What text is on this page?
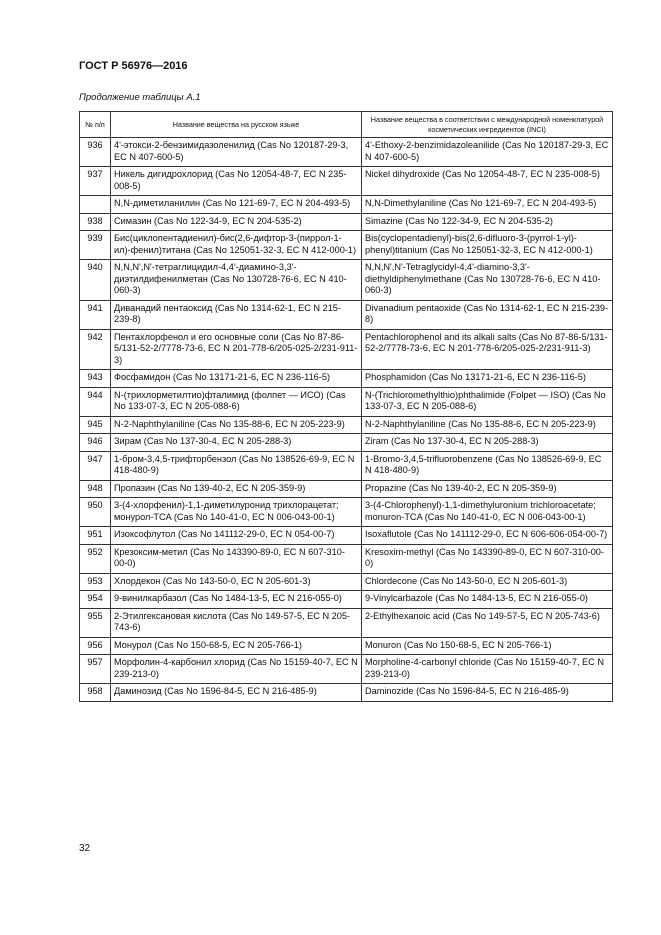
ГОСТ Р 56976—2016
Продолжение таблицы А.1
№ п/п	Название вещества на русском языке	Название вещества в соответствии с международной номенклатурой косметических ингредиентов (INCI)
936	4'-этокси-2-бензимидазоленилид (Cas No 120187-29-3, EC N 407-600-5)	4'-Ethoxy-2-benzimidazoleanilide (Cas No 120187-29-3, EC N 407-600-5)
937	Никель дигидрохлорид (Cas No 12054-48-7, EC N 235-008-5)	Nickel dihydroxide (Cas No 12054-48-7, EC N 235-008-5)
	N,N-диметиланилин (Cas No 121-69-7, EC N 204-493-5)	N,N-Dimethylaniline (Cas No 121-69-7, EC N 204-493-5)
938	Симазин (Cas No 122-34-9, EC N 204-535-2)	Simazine (Cas No 122-34-9, EC N 204-535-2)
939	Бис(циклопентадиенил)-бис(2,6-дифтор-3-(пиррол-1-ил)-фенил)титана (Cas No 125051-32-3, EC N 412-000-1)	Bis(cyclopentadienyl)-bis(2,6-difluoro-3-(pyrrol-1-yl)-phenyl)titanium (Cas No 125051-32-3, EC N 412-000-1)
940	N,N,N',N'-тетраглицидил-4,4'-диамино-3,3'-диэтилдифенилметан (Cas No 130728-76-6, EC N 410-060-3)	N,N,N',N'-Tetraglycidyl-4,4'-diamino-3,3'-diethyldiphenylmethane (Cas No 130728-76-6, EC N 410-060-3)
941	Диванадий пентаоксид (Cas No 1314-62-1, EC N 215-239-8)	Divanadium pentaoxide (Cas No 1314-62-1, EC N 215-239-8)
942	Пентахлорфенол и его основные соли (Cas No 87-86-5/131-52-2/7778-73-6, EC N 201-778-6/205-025-2/231-911-3)	Pentachlorophenol and its alkali salts (Cas No 87-86-5/131-52-2/7778-73-6, EC N 201-778-6/205-025-2/231-911-3)
943	Фосфамидон (Cas No 13171-21-6, EC N 236-116-5)	Phosphamidon (Cas No 13171-21-6, EC N 236-116-5)
944	N-(трихлорметилтио)фталимид (фолпет — ИСО) (Cas No 133-07-3, EC N 205-088-6)	N-(Trichloromethylthio)phthalimide (Folpet — ISO) (Cas No 133-07-3, EC N 205-088-6)
945	N-2-Naphthylaniline (Cas No 135-88-6, EC N 205-223-9)	N-2-Naphthylaniline (Cas No 135-88-6, EC N 205-223-9)
946	Зирам (Cas No 137-30-4, EC N 205-288-3)	Ziram (Cas No 137-30-4, EC N 205-288-3)
947	1-бром-3,4,5-трифторбензол (Cas No 138526-69-9, EC N 418-480-9)	1-Bromo-3,4,5-trifluorobenzene (Cas No 138526-69-9, EC N 418-480-9)
948	Пропазин (Cas No 139-40-2, EC N 205-359-9)	Propazine (Cas No 139-40-2, EC N 205-359-9)
950	3-(4-хлорфенил)-1,1-диметилуронид трихлорацетат; монурол-TCA (Cas No 140-41-0, EC N 006-043-00-1)	3-(4-Chlorophenyl)-1,1-dimethyluronium trichloroacetate; monuron-TCA (Cas No 140-41-0, EC N 006-043-00-1)
951	Изоксофлутол (Cas No 141112-29-0, EC N 054-00-7)	Isoxaflutole (Cas No 141112-29-0, EC N 606-606-054-00-7)
952	Крезоксим-метил (Cas No 143390-89-0, EC N 607-310-00-0)	Kresoxim-methyl (Cas No 143390-89-0, EC N 607-310-00-0)
953	Хлордекон (Cas No 143-50-0, EC N 205-601-3)	Chlordecone (Cas No 143-50-0, EC N 205-601-3)
954	9-винилкарбазол (Cas No 1484-13-5, EC N 216-055-0)	9-Vinylcarbazole (Cas No 1484-13-5, EC N 216-055-0)
955	2-Этилгексановая кислота (Cas No 149-57-5, EC N 205-743-6)	2-Ethylhexanoic acid (Cas No 149-57-5, EC N 205-743-6)
956	Монурол (Cas No 150-68-5, EC N 205-766-1)	Monuron (Cas No 150-68-5, EC N 205-766-1)
957	Морфолин-4-карбонил хлорид (Cas No 15159-40-7, EC N 239-213-0)	Morpholine-4-carbonyl chloride (Cas No 15159-40-7, EC N 239-213-0)
958	Даминозид (Cas No 1596-84-5, EC N 216-485-9)	Daminozide (Cas No 1596-84-5, EC N 216-485-9)
32
